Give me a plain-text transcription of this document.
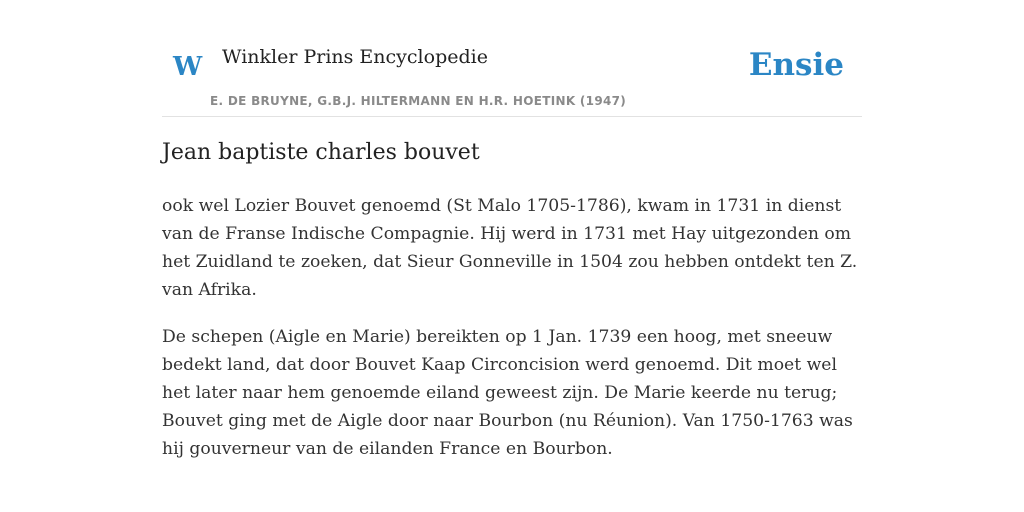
W Winkler Prins Encyclopedie
E. DE BRUYNE, G.B.J. HILTERMANN EN H.R. HOETINK (1947)
Ensie
Jean baptiste charles bouvet

ook wel Lozier Bouvet genoemd (St Malo 1705-1786), kwam in 1731 in dienst van de Franse Indische Compagnie. Hij werd in 1731 met Hay uitgezonden om het Zuidland te zoeken, dat Sieur Gonneville in 1504 zou hebben ontdekt ten Z. van Afrika.

De schepen (Aigle en Marie) bereikten op 1 Jan. 1739 een hoog, met sneeuw bedekt land, dat door Bouvet Kaap Circoncision werd genoemd. Dit moet wel het later naar hem genoemde eiland geweest zijn. De Marie keerde nu terug; Bouvet ging met de Aigle door naar Bourbon (nu Réunion). Van 1750-1763 was hij gouverneur van de eilanden France en Bourbon.
